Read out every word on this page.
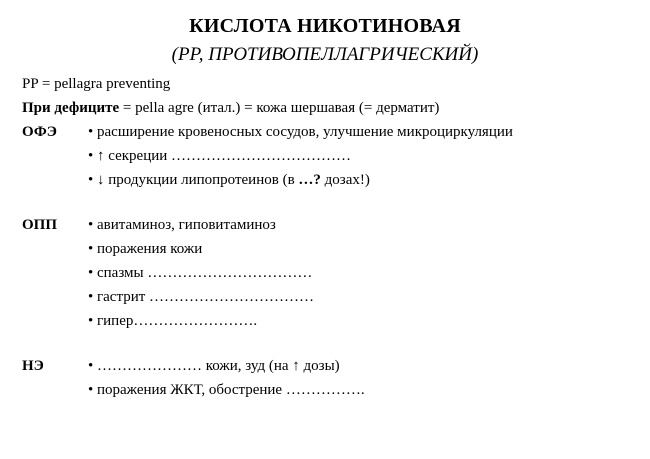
КИСЛОТА НИКОТИНОВАЯ
(PP, ПРОТИВОПЕЛЛАГРИЧЕСКИЙ)
PP = pellagra preventing
При дефиците = pella agre (итал.) = кожа шершавая (= дерматит)
ОФЭ • расширение кровеносных сосудов, улучшение микроциркуляции
• ↑ секреции ………………………………
• ↓ продукции липопротеинов (в …? дозах!)
ОПП • авитаминоз, гиповитаминоз
• поражения кожи
• спазмы ……………………………
• гастрит ……………………………
• гипер…………………….
НЭ	• ………………… кожи, зуд (на ↑ дозы)
• поражения ЖКТ, обострение …………….
